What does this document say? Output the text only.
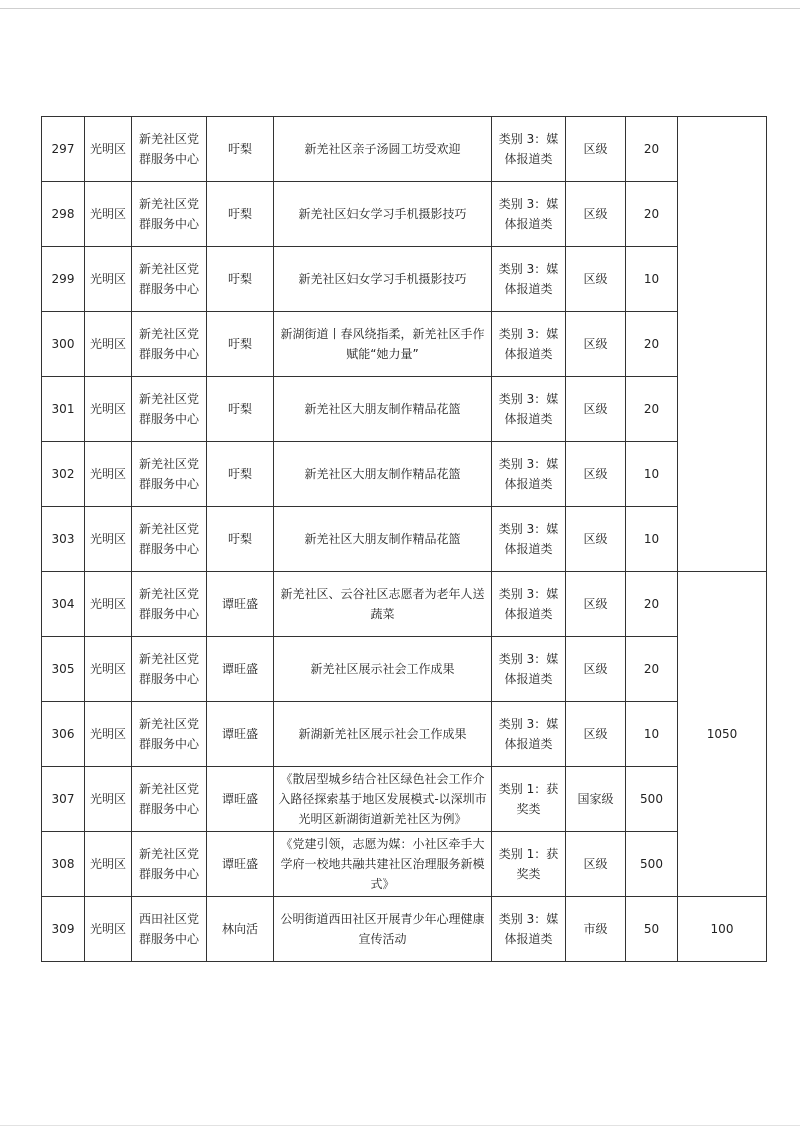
297	光明区	新羌社区党群服务中心	吁梨	新羌社区亲子汤圆工坊受欢迎	类别 3：媒体报道类	区级	20	
298	光明区	新羌社区党群服务中心	吁梨	新羌社区妇女学习手机摄影技巧	类别 3：媒体报道类	区级	20	
299	光明区	新羌社区党群服务中心	吁梨	新羌社区妇女学习手机摄影技巧	类别 3：媒体报道类	区级	10	
300	光明区	新羌社区党群服务中心	吁梨	新湖街道丨春风绕指柔，新羌社区手作赋能“她力量”	类别 3：媒体报道类	区级	20	
301	光明区	新羌社区党群服务中心	吁梨	新羌社区大朋友制作精品花篮	类别 3：媒体报道类	区级	20	
302	光明区	新羌社区党群服务中心	吁梨	新羌社区大朋友制作精品花篮	类别 3：媒体报道类	区级	10	
303	光明区	新羌社区党群服务中心	吁梨	新羌社区大朋友制作精品花篮	类别 3：媒体报道类	区级	10	
304	光明区	新羌社区党群服务中心	谭旺盛	新羌社区、云谷社区志愿者为老年人送蔬菜	类别 3：媒体报道类	区级	20	1050
305	光明区	新羌社区党群服务中心	谭旺盛	新羌社区展示社会工作成果	类别 3：媒体报道类	区级	20	
306	光明区	新羌社区党群服务中心	谭旺盛	新湖新羌社区展示社会工作成果	类别 3：媒体报道类	区级	10	
307	光明区	新羌社区党群服务中心	谭旺盛	《散居型城乡结合社区绿色社会工作介入路径探索基于地区发展模式-以深圳市光明区新湖街道新羌社区为例》	类别 1：获奖类	国家级	500	
308	光明区	新羌社区党群服务中心	谭旺盛	《党建引领，志愿为媒：小社区牵手大学府一校地共融共建社区治理服务新模式》	类别 1：获奖类	区级	500	
309	光明区	西田社区党群服务中心	林向活	公明街道西田社区开展青少年心理健康宣传活动	类别 3：媒体报道类	市级	50	100
